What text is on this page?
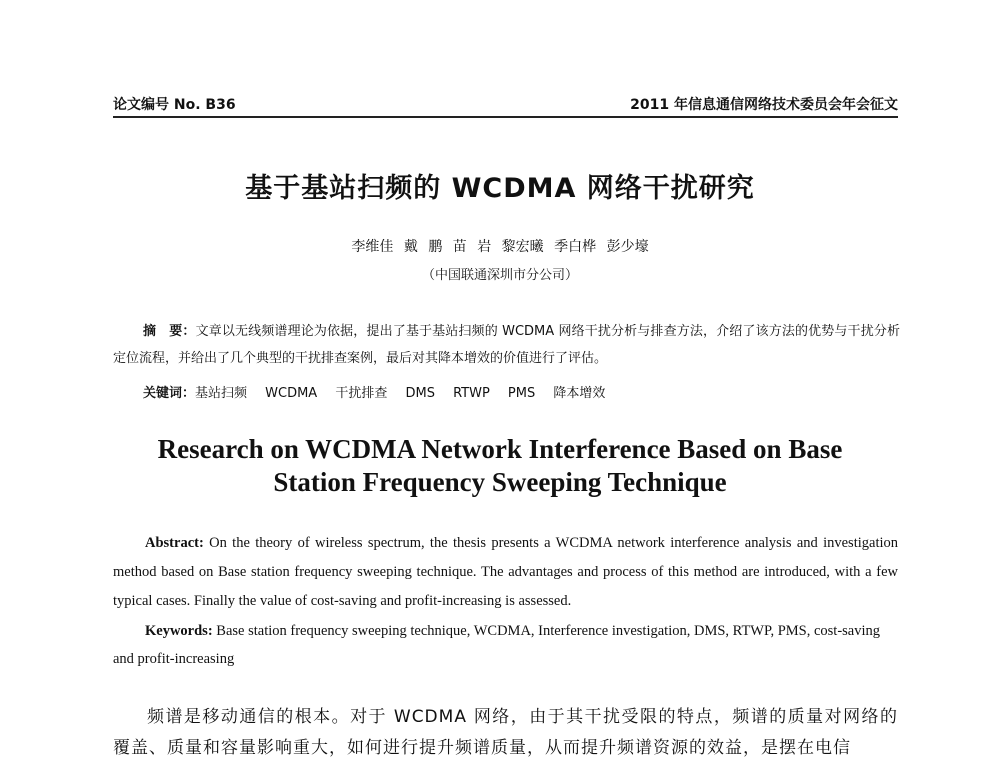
论文编号 No. B36	2011 年信息通信网络技术委员会年会征文
基于基站扫频的 WCDMA 网络干扰研究
李维佳 戴 鹏 苗 岩 黎宏曦 季白桦 彭少壕
（中国联通深圳市分公司）
摘　要：文章以无线频谱理论为依据，提出了基于基站扫频的 WCDMA 网络干扰分析与排查方法，介绍了该方法的优势与干扰分析定位流程，并给出了几个典型的干扰排查案例，最后对其降本增效的价值进行了评估。
关键词：基站扫频 WCDMA 干扰排查 DMS RTWP PMS 降本增效
Research on WCDMA Network Interference Based on Base
Station Frequency Sweeping Technique
Abstract: On the theory of wireless spectrum, the thesis presents a WCDMA network interference analysis and investigation method based on Base station frequency sweeping technique. The advantages and process of this method are introduced, with a few typical cases. Finally the value of cost-saving and profit-increasing is assessed.
Keywords: Base station frequency sweeping technique, WCDMA, Interference investigation, DMS, RTWP, PMS, cost-saving and profit-increasing
频谱是移动通信的根本。对于 WCDMA 网络，由于其干扰受限的特点，频谱的质量对网络的覆盖、质量和容量影响重大，如何进行提升频谱质量，从而提升频谱资源的效益，是摆在电信
